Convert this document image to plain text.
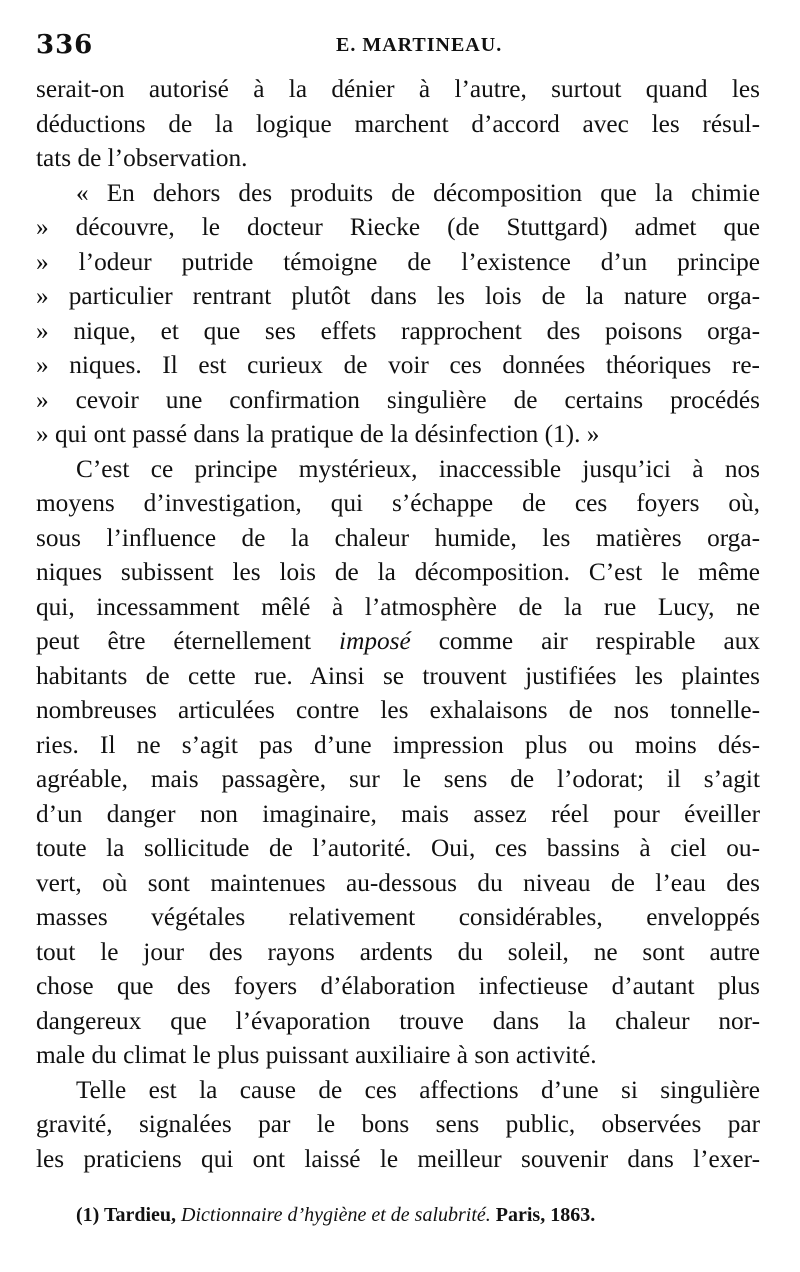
336	E. MARTINEAU.
serait-on autorisé à la dénier à l’autre, surtout quand les
déductions de la logique marchent d’accord avec les résul-
tats de l’observation.
« En dehors des produits de décomposition que la chimie
» découvre, le docteur Riecke (de Stuttgard) admet que
» l’odeur putride témoigne de l’existence d’un principe
» particulier rentrant plutôt dans les lois de la nature orga-
» nique, et que ses effets rapprochent des poisons orga-
» niques. Il est curieux de voir ces données théoriques re-
» cevoir une confirmation singulière de certains procédés
» qui ont passé dans la pratique de la désinfection (1). »
C’est ce principe mystérieux, inaccessible jusqu’ici à nos
moyens d’investigation, qui s’échappe de ces foyers où,
sous l’influence de la chaleur humide, les matières orga-
niques subissent les lois de la décomposition. C’est le même
qui, incessamment mêlé à l’atmosphère de la rue Lucy, ne
peut être éternellement imposé comme air respirable aux
habitants de cette rue. Ainsi se trouvent justifiées les plaintes
nombreuses articulées contre les exhalaisons de nos tonnelle-
ries. Il ne s’agit pas d’une impression plus ou moins dés-
agréable, mais passagère, sur le sens de l’odorat; il s’agit
d’un danger non imaginaire, mais assez réel pour éveiller
toute la sollicitude de l’autorité. Oui, ces bassins à ciel ou-
vert, où sont maintenues au-dessous du niveau de l’eau des
masses végétales relativement considérables, enveloppés
tout le jour des rayons ardents du soleil, ne sont autre
chose que des foyers d’élaboration infectieuse d’autant plus
dangereux que l’évaporation trouve dans la chaleur nor-
male du climat le plus puissant auxiliaire à son activité.
Telle est la cause de ces affections d’une si singulière
gravité, signalées par le bons sens public, observées par
les praticiens qui ont laissé le meilleur souvenir dans l’exer-
(1) Tardieu, Dictionnaire d’hygiène et de salubrité. Paris, 1863.
